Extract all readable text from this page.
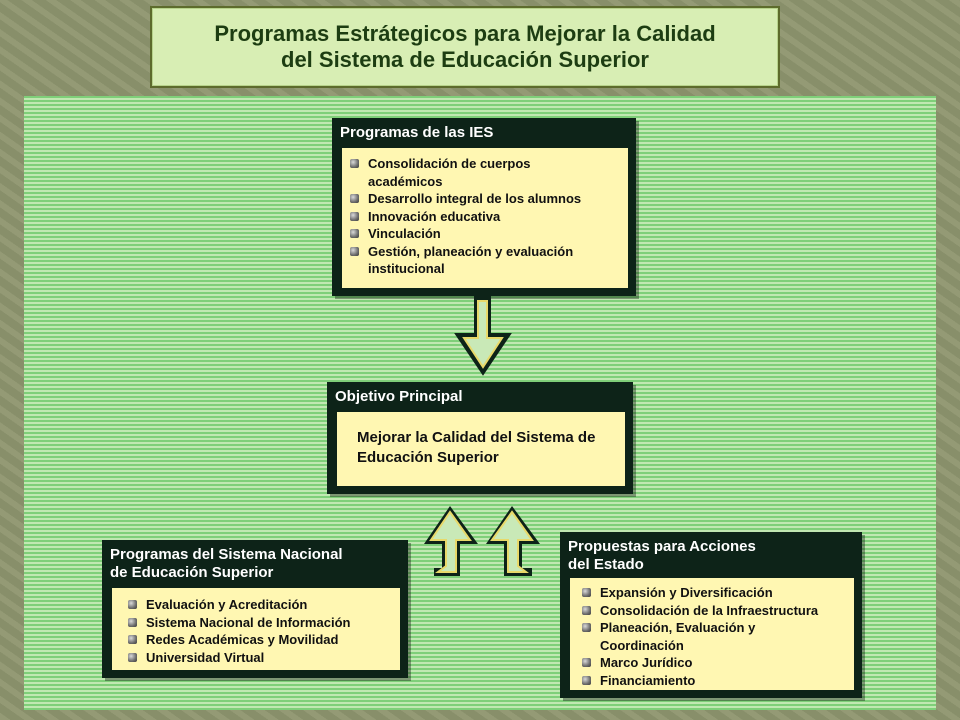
Programas Estrátegicos para Mejorar la Calidad
del Sistema de Educación Superior
Programas de las IES
Consolidación de cuerpos académicos
Desarrollo integral de los alumnos
Innovación educativa
Vinculación
Gestión, planeación y evaluación institucional
Objetivo Principal
Mejorar la Calidad del Sistema de Educación Superior
Programas del Sistema Nacional
de Educación Superior
Evaluación y Acreditación
Sistema Nacional de Información
Redes Académicas y Movilidad
Universidad Virtual
Propuestas para Acciones
del Estado
Expansión y Diversificación
Consolidación de la Infraestructura
Planeación, Evaluación y Coordinación
Marco Jurídico
Financiamiento
